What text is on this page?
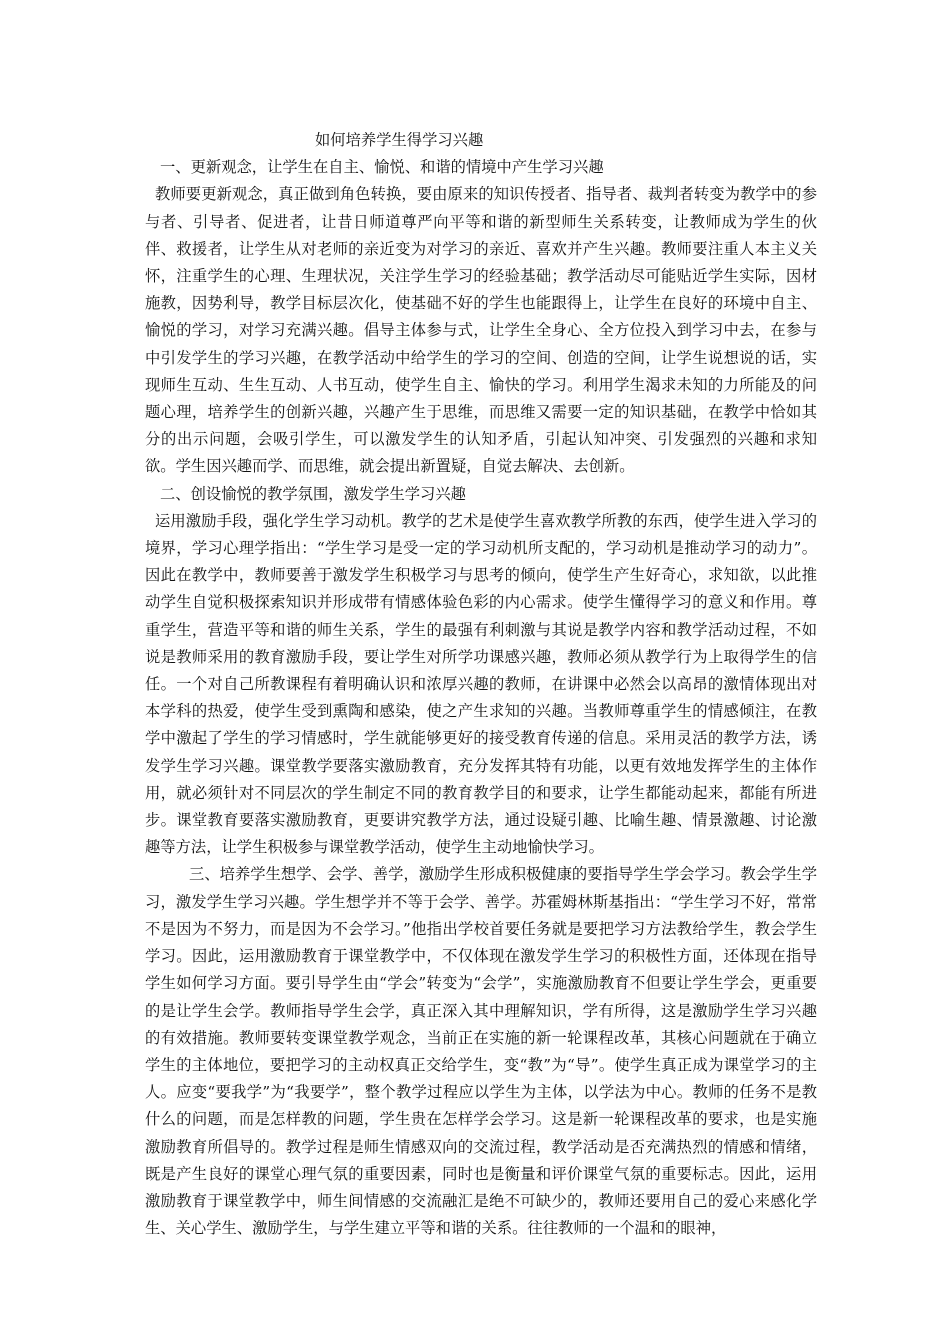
如何培养学生得学习兴趣
一、更新观念，让学生在自主、愉悦、和谐的情境中产生学习兴趣
教师要更新观念，真正做到角色转换，要由原来的知识传授者、指导者、裁判者转变为教学中的参与者、引导者、促进者，让昔日师道尊严向平等和谐的新型师生关系转变，让教师成为学生的伙伴、救援者，让学生从对老师的亲近变为对学习的亲近、喜欢并产生兴趣。教师要注重人本主义关怀，注重学生的心理、生理状况，关注学生学习的经验基础；教学活动尽可能贴近学生实际，因材施教，因势利导，教学目标层次化，使基础不好的学生也能跟得上，让学生在良好的环境中自主、愉悦的学习，对学习充满兴趣。倡导主体参与式，让学生全身心、全方位投入到学习中去，在参与中引发学生的学习兴趣，在教学活动中给学生的学习的空间、创造的空间，让学生说想说的话，实现师生互动、生生互动、人书互动，使学生自主、愉快的学习。利用学生渴求未知的力所能及的问题心理，培养学生的创新兴趣，兴趣产生于思维，而思维又需要一定的知识基础，在教学中恰如其分的出示问题，会吸引学生，可以激发学生的认知矛盾，引起认知冲突、引发强烈的兴趣和求知欲。学生因兴趣而学、而思维，就会提出新置疑，自觉去解决、去创新。
二、创设愉悦的教学氛围，激发学生学习兴趣
运用激励手段，强化学生学习动机。教学的艺术是使学生喜欢教学所教的东西，使学生进入学习的境界，学习心理学指出：“学生学习是受一定的学习动机所支配的，学习动机是推动学习的动力”。因此在教学中，教师要善于激发学生积极学习与思考的倾向，使学生产生好奇心，求知欲，以此推动学生自觉积极探索知识并形成带有情感体验色彩的内心需求。使学生懂得学习的意义和作用。尊重学生，营造平等和谐的师生关系，学生的最强有利刺激与其说是教学内容和教学活动过程，不如说是教师采用的教育激励手段，要让学生对所学功课感兴趣，教师必须从教学行为上取得学生的信任。一个对自己所教课程有着明确认识和浓厚兴趣的教师，在讲课中必然会以高昂的激情体现出对本学科的热爱，使学生受到熏陶和感染，使之产生求知的兴趣。当教师尊重学生的情感倾注，在教学中激起了学生的学习情感时，学生就能够更好的接受教育传递的信息。采用灵活的教学方法，诱发学生学习兴趣。课堂教学要落实激励教育，充分发挥其特有功能，以更有效地发挥学生的主体作用，就必须针对不同层次的学生制定不同的教育教学目的和要求，让学生都能动起来，都能有所进步。课堂教育要落实激励教育，更要讲究教学方法，通过设疑引趣、比喻生趣、情景激趣、讨论激趣等方法，让学生积极参与课堂教学活动，使学生主动地愉快学习。
三、培养学生想学、会学、善学，激励学生形成积极健康的要指导学生学会学习。教会学生学习，激发学生学习兴趣。学生想学并不等于会学、善学。苏霍姆林斯基指出：“学生学习不好，常常不是因为不努力，而是因为不会学习。”他指出学校首要任务就是要把学习方法教给学生，教会学生学习。因此，运用激励教育于课堂教学中，不仅体现在激发学生学习的积极性方面，还体现在指导学生如何学习方面。要引导学生由“学会”转变为“会学”，实施激励教育不但要让学生学会，更重要的是让学生会学。教师指导学生会学，真正深入其中理解知识，学有所得，这是激励学生学习兴趣的有效措施。教师要转变课堂教学观念，当前正在实施的新一轮课程改革，其核心问题就在于确立学生的主体地位，要把学习的主动权真正交给学生，变“教”为“导”。使学生真正成为课堂学习的主人。应变“要我学”为“我要学”，整个教学过程应以学生为主体，以学法为中心。教师的任务不是教什么的问题，而是怎样教的问题，学生贵在怎样学会学习。这是新一轮课程改革的要求，也是实施激励教育所倡导的。教学过程是师生情感双向的交流过程，教学活动是否充满热烈的情感和情绪，既是产生良好的课堂心理气氛的重要因素，同时也是衡量和评价课堂气氛的重要标志。因此，运用激励教育于课堂教学中，师生间情感的交流融汇是绝不可缺少的，教师还要用自己的爱心来感化学生、关心学生、激励学生，与学生建立平等和谐的关系。往往教师的一个温和的眼神，
